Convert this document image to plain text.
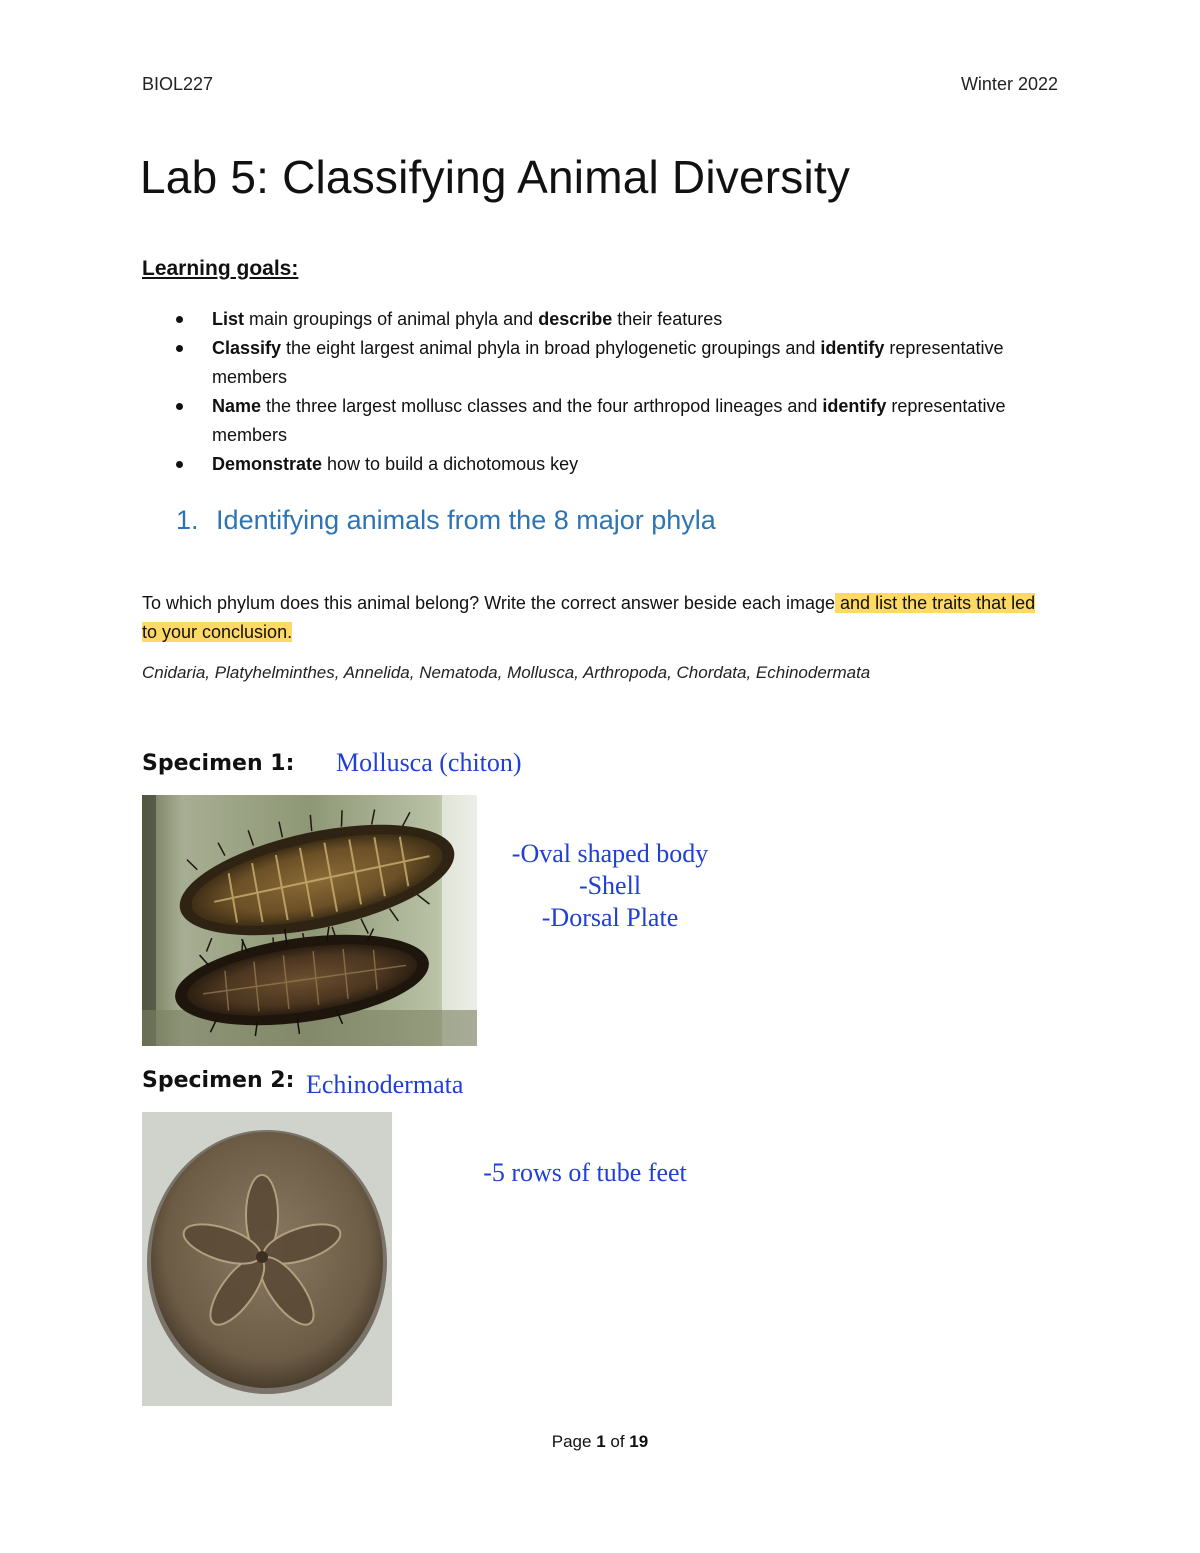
BIOL227	Winter 2022
Lab 5: Classifying Animal Diversity
Learning goals:
List main groupings of animal phyla and describe their features
Classify the eight largest animal phyla in broad phylogenetic groupings and identify representative members
Name the three largest mollusc classes and the four arthropod lineages and identify representative members
Demonstrate how to build a dichotomous key
1. Identifying animals from the 8 major phyla
To which phylum does this animal belong? Write the correct answer beside each image and list the traits that led to your conclusion.
Cnidaria, Platyhelminthes, Annelida, Nematoda, Mollusca, Arthropoda, Chordata, Echinodermata
Specimen 1: Mollusca (chiton)
-Oval shaped body
-Shell
-Dorsal Plate
Specimen 2: Echinodermata
-5 rows of tube feet
Page 1 of 19
